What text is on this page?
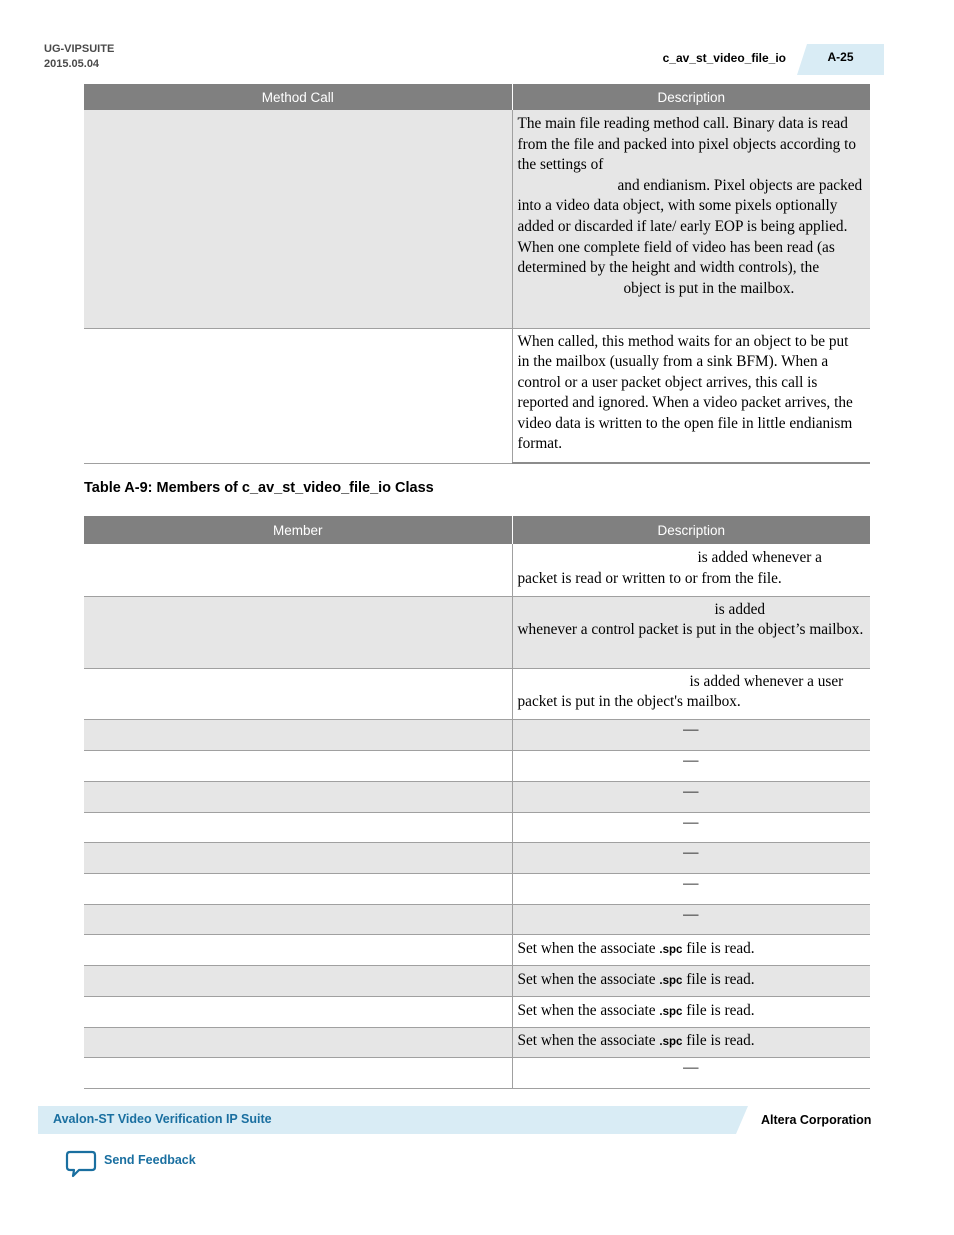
UG-VIPSUITE
2015.05.04	c_av_st_video_file_io	A-25
Method Call	Description
	The main file reading method call. Binary data is read from the file and packed into pixel objects according to the settings of
and endianism. Pixel objects are packed into a video data object, with some pixels optionally added or discarded if late/ early EOP is being applied. When one complete field of video has been read (as determined by the height and width controls), the object is put in the mailbox.
	When called, this method waits for an object to be put in the mailbox (usually from a sink BFM). When a control or a user packet object arrives, this call is reported and ignored. When a video packet arrives, the video data is written to the open file in little endianism format.
Table A-9: Members of c_av_st_video_file_io Class
Member	Description
	is added whenever a packet is read or written to or from the file.
	is added
whenever a control packet is put in the object’s mailbox.
	is added whenever a user packet is put in the object's mailbox.
	—
	—
	—
	—
	—
	—
	—
	Set when the associate .spc file is read.
	Set when the associate .spc file is read.
	Set when the associate .spc file is read.
	Set when the associate .spc file is read.
	—
Avalon-ST Video Verification IP Suite	Altera Corporation
Send Feedback
